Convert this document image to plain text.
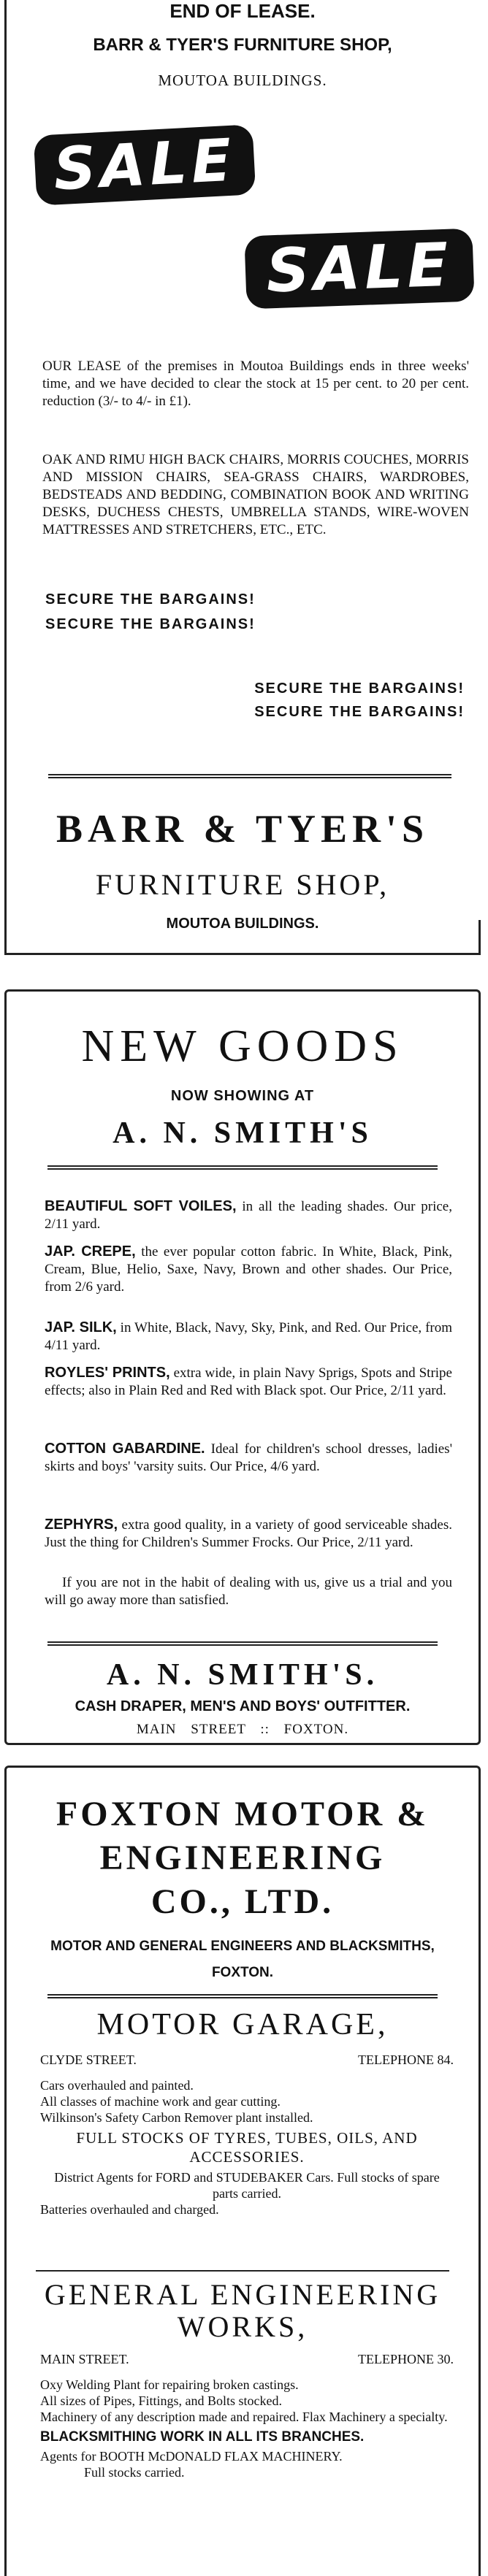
END OF LEASE.
BARR & TYER'S FURNITURE SHOP,
MOUTOA BUILDINGS.
SALE
SALE

OUR LEASE of the premises in Moutoa Buildings ends in three weeks' time, and we have decided to clear the stock at 15 per cent. to 20 per cent. reduction (3/- to 4/- in £1).

OAK AND RIMU HIGH BACK CHAIRS, MORRIS COUCHES, MORRIS AND MISSION CHAIRS, SEA-GRASS CHAIRS, WARDROBES, BEDSTEADS AND BEDDING, COMBINATION BOOK AND WRITING DESKS, DUCHESS CHESTS, UMBRELLA STANDS, WIRE-WOVEN MATTRESSES AND STRETCHERS, ETC., ETC.

SECURE THE BARGAINS!
SECURE THE BARGAINS!
SECURE THE BARGAINS!
SECURE THE BARGAINS!
BARR & TYER'S
FURNITURE SHOP,
MOUTOA BUILDINGS.
NEW GOODS
NOW SHOWING AT
A. N. SMITH'S
BEAUTIFUL SOFT VOILES, in all the leading shades. Our price, 2/11 yard.
JAP. CREPE, the ever popular cotton fabric. In White, Black, Pink, Cream, Blue, Helio, Saxe, Navy, Brown and other shades. Our Price, from 2/6 yard.
JAP. SILK, in White, Black, Navy, Sky, Pink, and Red. Our Price, from 4/11 yard.
ROYLES' PRINTS, extra wide, in plain Navy Sprigs, Spots and Stripe effects; also in Plain Red and Red with Black spot. Our Price, 2/11 yard.
COTTON GABARDINE. Ideal for children's school dresses, ladies' skirts and boys' 'varsity suits. Our Price, 4/6 yard.
ZEPHYRS, extra good quality, in a variety of good serviceable shades. Just the thing for Children's Summer Frocks. Our Price, 2/11 yard.

If you are not in the habit of dealing with us, give us a trial and you will go away more than satisfied.

A. N. SMITH'S.
CASH DRAPER, MEN'S AND BOYS' OUTFITTER.
MAIN STREET :: FOXTON.
FOXTON MOTOR &
ENGINEERING
CO., LTD.
MOTOR AND GENERAL ENGINEERS AND BLACKSMITHS,
FOXTON.
MOTOR GARAGE,
CLYDE STREET.	TELEPHONE 84.
Cars overhauled and painted.
All classes of machine work and gear cutting.
Wilkinson's Safety Carbon Remover plant installed.
FULL STOCKS OF TYRES, TUBES, OILS, AND ACCESSORIES.
District Agents for FORD and STUDEBAKER Cars. Full stocks of spare parts carried.
Batteries overhauled and charged.
GENERAL ENGINEERING WORKS,
MAIN STREET.	TELEPHONE 30.
Oxy Welding Plant for repairing broken castings.
All sizes of Pipes, Fittings, and Bolts stocked.
Machinery of any description made and repaired. Flax Machinery a specialty.
BLACKSMITHING WORK IN ALL ITS BRANCHES.
Agents for BOOTH McDONALD FLAX MACHINERY.
Full stocks carried.
